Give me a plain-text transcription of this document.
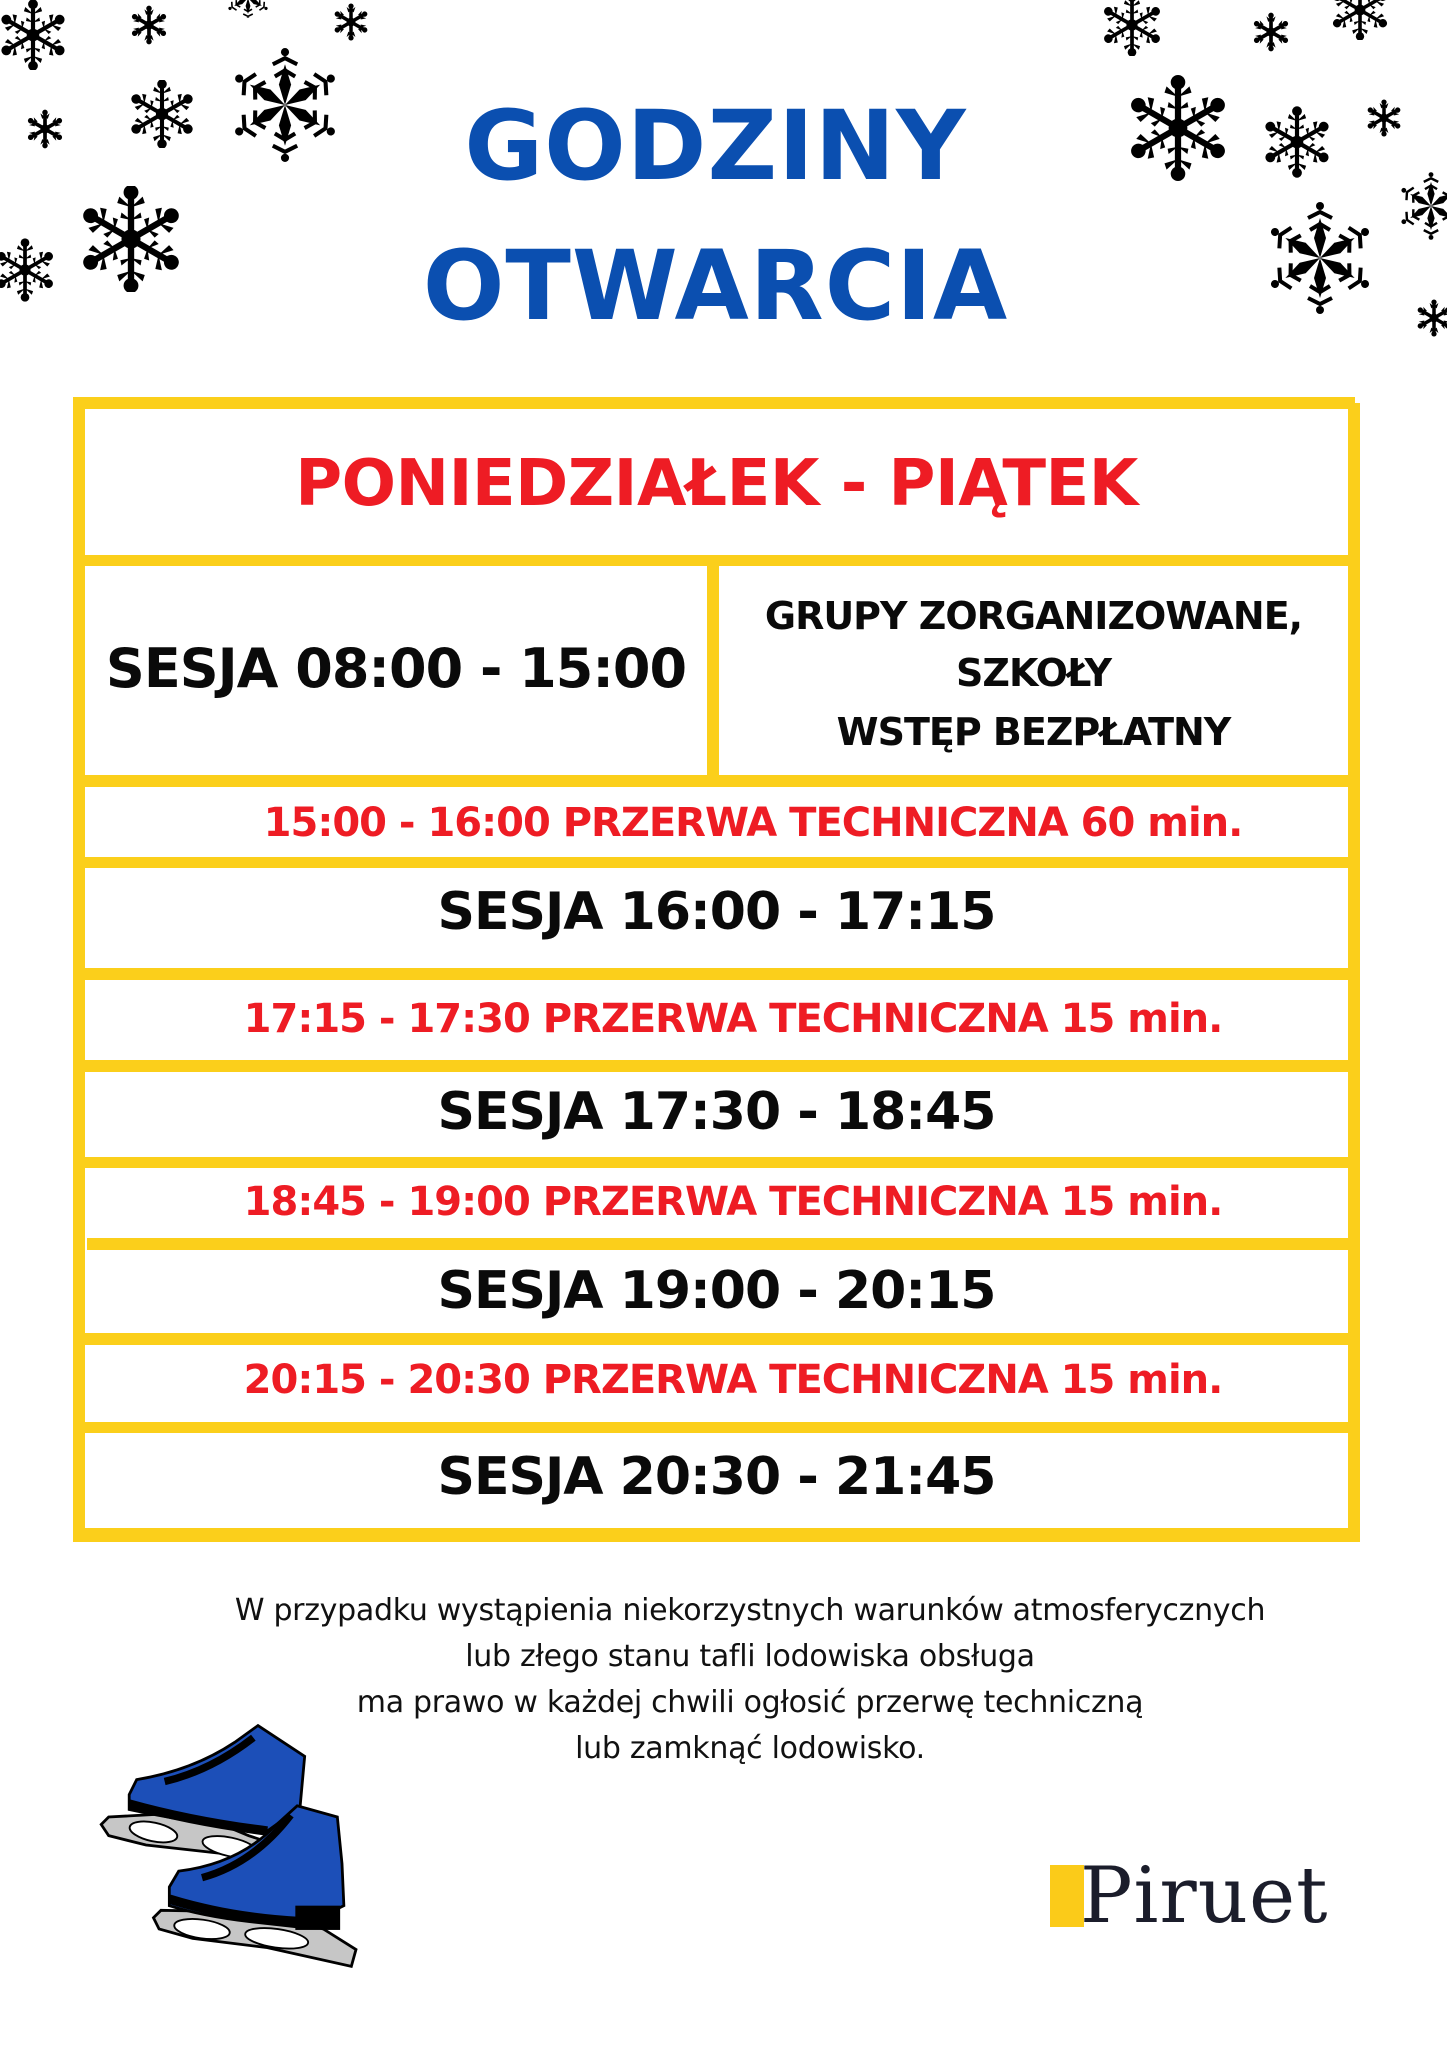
GODZINY
OTWARCIA
PONIEDZIAŁEK - PIĄTEK
SESJA 08:00 - 15:00
GRUPY ZORGANIZOWANE,
SZKOŁY
WSTĘP BEZPŁATNY
15:00 - 16:00 PRZERWA TECHNICZNA 60 min.
SESJA 16:00 - 17:15
17:15 - 17:30 PRZERWA TECHNICZNA 15 min.
SESJA 17:30 - 18:45
18:45 - 19:00 PRZERWA TECHNICZNA 15 min.
SESJA 19:00 - 20:15
20:15 - 20:30 PRZERWA TECHNICZNA 15 min.
SESJA 20:30 - 21:45
W przypadku wystąpienia niekorzystnych warunków atmosferycznych
lub złego stanu tafli lodowiska obsługa
ma prawo w każdej chwili ogłosić przerwę techniczną
lub zamknąć lodowisko.
Piruet
